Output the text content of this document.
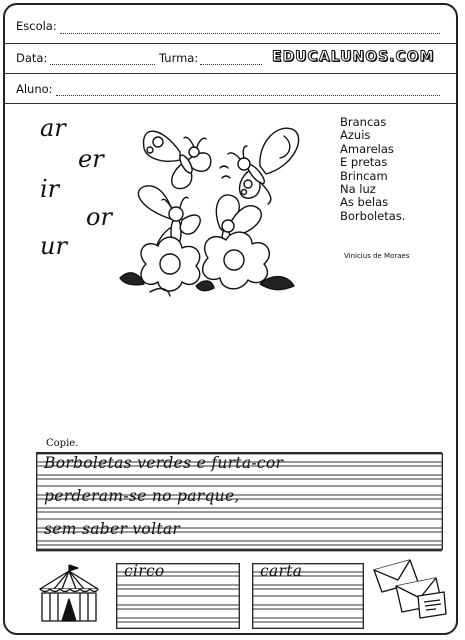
Escola:
Data:	Turma:	EDUCALUNOS.COM
Aluno:
ar
er
ir
or
ur
Brancas
Azuis
Amarelas
E pretas
Brincam
Na luz
As belas
Borboletas.
Vinicius de Moraes
Copie.
Borboletas verdes e furta-cor
perderam-se no parque,
sem saber voltar
circo	carta
